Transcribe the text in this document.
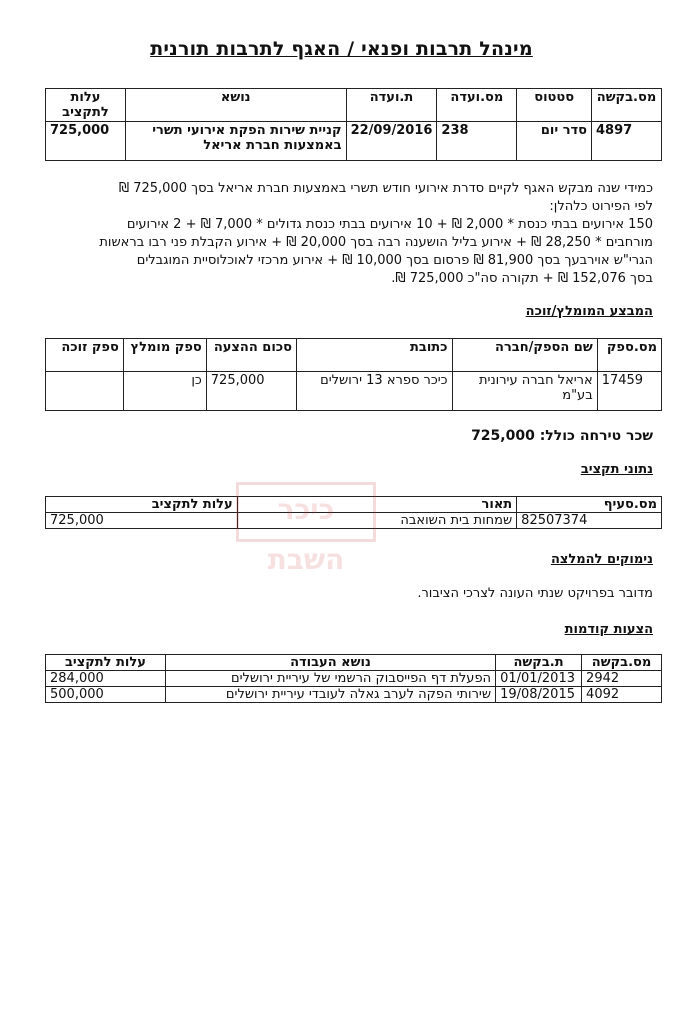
מינהל תרבות ופנאי / האגף לתרבות תורנית
מס.בקשה	סטטוס	מס.ועדה	ת.ועדה	נושא	עלות לתקציב
4897	סדר יום	238	22/09/2016	קניית שירות הפקת אירועי תשרי באמצעות חברת אריאל	725,000
כמידי שנה מבקש האגף לקיים סדרת אירועי חודש תשרי באמצעות חברת אריאל בסך 725,000 ₪
לפי הפירוט כלהלן:
150 אירועים בבתי כנסת * 2,000 ₪ + 10 אירועים בבתי כנסת גדולים * 7,000 ₪ + 2 אירועים
מורחבים * 28,250 ₪ + אירוע בליל הושענה רבה בסך 20,000 ₪ + אירוע הקבלת פני רבו בראשות
הגרי"ש אוירבעך בסך 81,900 ₪ פרסום בסך 10,000 ₪ + אירוע מרכזי לאוכלוסיית המוגבלים
בסך 152,076 ₪ + תקורה סה"כ 725,000 ₪.
המבצע המומלץ/זוכה
מס.ספק	שם הספק/חברה	כתובת	סכום ההצעה	ספק מומלץ	ספק זוכה
17459	אריאל חברה עירונית בע"מ	כיכר ספרא 13 ירושלים	725,000	כן	
שכר טירחה כולל: 725,000
נתוני תקציב
מס.סעיף	תאור	עלות לתקציב
82507374	שמחות בית השואבה	725,000	כיכר השבת	נימוקים להמלצה
מדובר בפרויקט שנתי העונה לצרכי הציבור.
הצעות קודמות
מס.בקשה	ת.בקשה	נושא העבודה	עלות לתקציב
2942	01/01/2013	הפעלת דף הפייסבוק הרשמי של עיריית ירושלים	284,000
4092	19/08/2015	שירותי הפקה לערב גאלה לעובדי עיריית ירושלים	500,000
